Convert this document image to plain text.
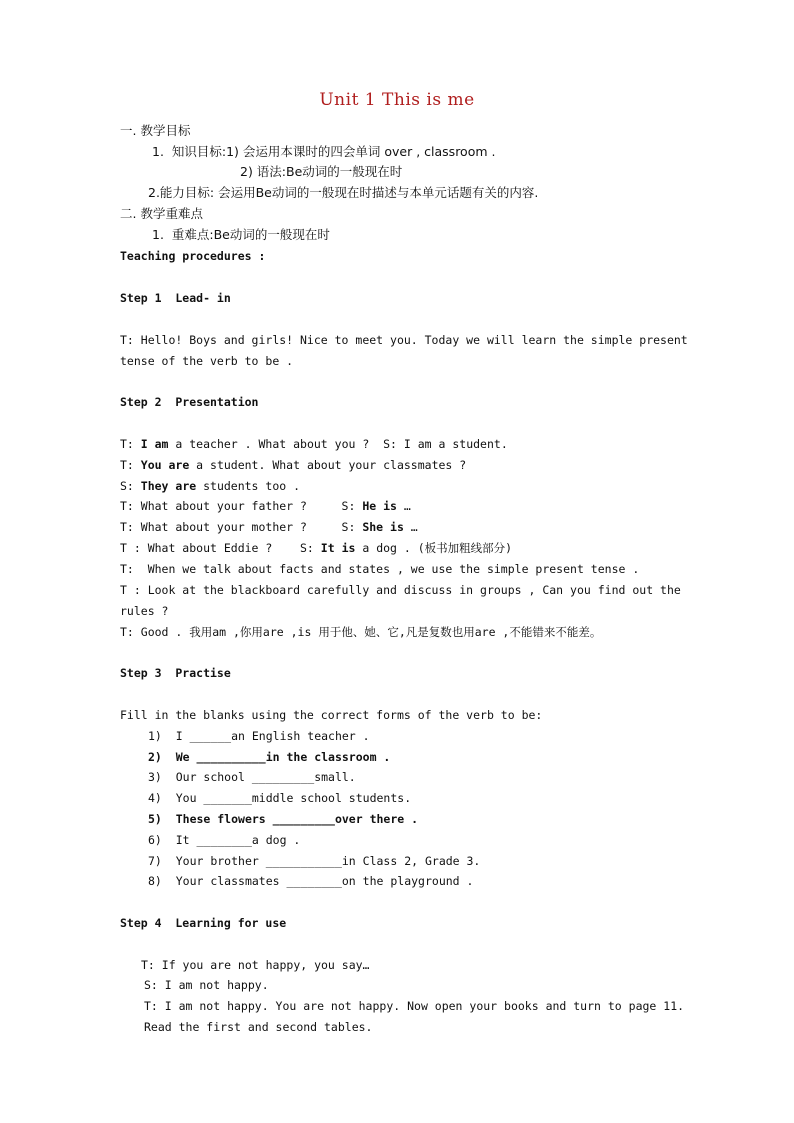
Unit 1 This is me
一. 教学目标
1.  知识目标:1) 会运用本课时的四会单词 over , classroom .
2) 语法:Be动词的一般现在时
2.能力目标: 会运用Be动词的一般现在时描述与本单元话题有关的内容.
二. 教学重难点
1.  重难点:Be动词的一般现在时
Teaching procedures :
Step 1  Lead- in
T: Hello! Boys and girls! Nice to meet you. Today we will learn the simple present
tense of the verb to be .
Step 2  Presentation
T: I am a teacher . What about you ?  S: I am a student.
T: You are a student. What about your classmates ?
S: They are students too .
T: What about your father ?     S: He is …
T: What about your mother ?     S: She is …
T : What about Eddie ?    S: It is a dog . (板书加粗线部分)
T:  When we talk about facts and states , we use the simple present tense .
T : Look at the blackboard carefully and discuss in groups , Can you find out the
rules ?
T: Good . 我用am ,你用are ,is 用于他、她、它,凡是复数也用are ,不能错来不能差。
Step 3  Practise
Fill in the blanks using the correct forms of the verb to be:
1) I ______an English teacher .
2) We __________in the classroom .
3) Our school _________small.
4) You _______middle school students.
5) These flowers _________over there .
6) It ________a dog .
7) Your brother ___________in Class 2, Grade 3.
8) Your classmates ________on the playground .
Step 4  Learning for use
T: If you are not happy, you say…
S: I am not happy.
T: I am not happy. You are not happy. Now open your books and turn to page 11.
Read the first and second tables.
